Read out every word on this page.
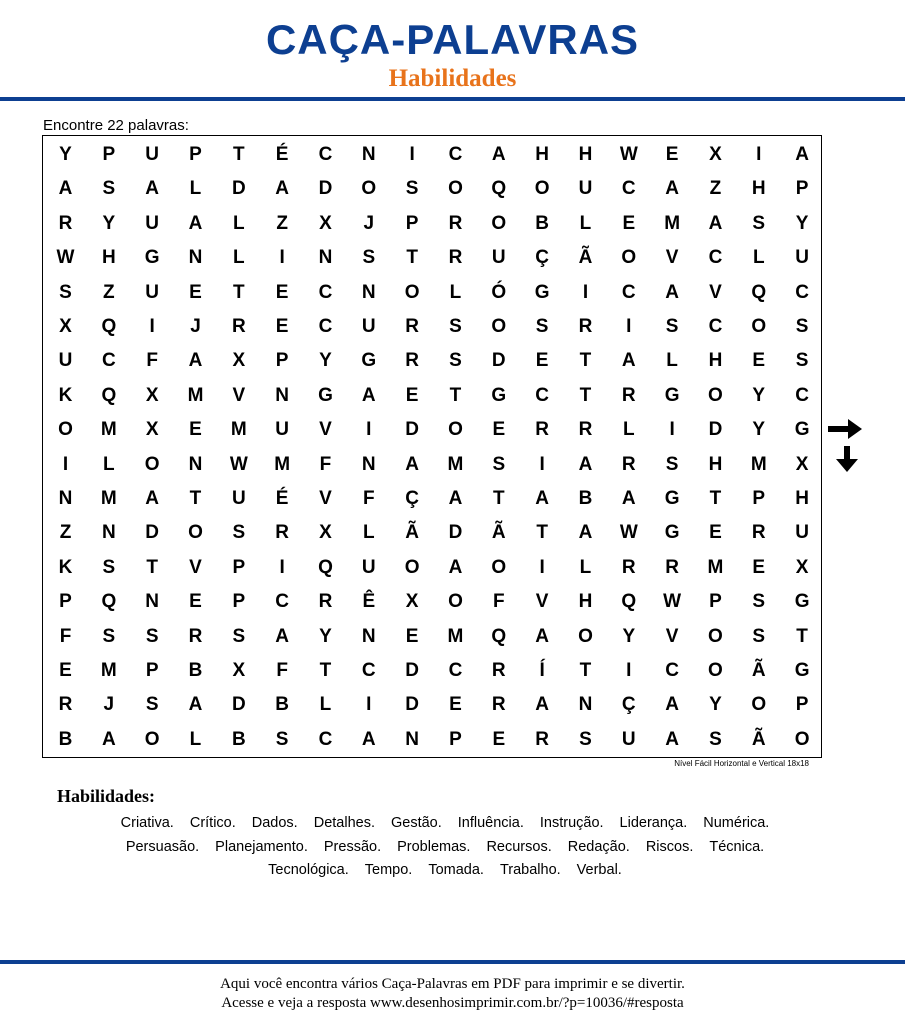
CAÇA-PALAVRAS
Habilidades
Encontre 22 palavras:
Y	P	U	P	T	É	C	N	I	C	A	H	H	W	E	X	I	A
A	S	A	L	D	A	D	O	S	O	Q	O	U	C	A	Z	H	P
R	Y	U	A	L	Z	X	J	P	R	O	B	L	E	M	A	S	Y
W	H	G	N	L	I	N	S	T	R	U	Ç	Ã	O	V	C	L	U
S	Z	U	E	T	E	C	N	O	L	Ó	G	I	C	A	V	Q	C
X	Q	I	J	R	E	C	U	R	S	O	S	R	I	S	C	O	S
U	C	F	A	X	P	Y	G	R	S	D	E	T	A	L	H	E	S
K	Q	X	M	V	N	G	A	E	T	G	C	T	R	G	O	Y	C
O	M	X	E	M	U	V	I	D	O	E	R	R	L	I	D	Y	G
I	L	O	N	W	M	F	N	A	M	S	I	A	R	S	H	M	X
N	M	A	T	U	É	V	F	Ç	A	T	A	B	A	G	T	P	H
Z	N	D	O	S	R	X	L	Ã	D	Ã	T	A	W	G	E	R	U
K	S	T	V	P	I	Q	U	O	A	O	I	L	R	R	M	E	X
P	Q	N	E	P	C	R	Ê	X	O	F	V	H	Q	W	P	S	G
F	S	S	R	S	A	Y	N	E	M	Q	A	O	Y	V	O	S	T
E	M	P	B	X	F	T	C	D	C	R	Í	T	I	C	O	Ã	G
R	J	S	A	D	B	L	I	D	E	R	A	N	Ç	A	Y	O	P
B	A	O	L	B	S	C	A	N	P	E	R	S	U	A	S	Ã	O
Nível Fácil Horizontal e Vertical 18x18
Habilidades:
Criativa. Crítico. Dados. Detalhes. Gestão. Influência. Instrução. Liderança. Numérica.
Persuasão. Planejamento. Pressão. Problemas. Recursos. Redação. Riscos. Técnica.
Tecnológica. Tempo. Tomada. Trabalho. Verbal.
Aqui você encontra vários Caça-Palavras em PDF para imprimir e se divertir.
Acesse e veja a resposta www.desenhosimprimir.com.br/?p=10036/#resposta
